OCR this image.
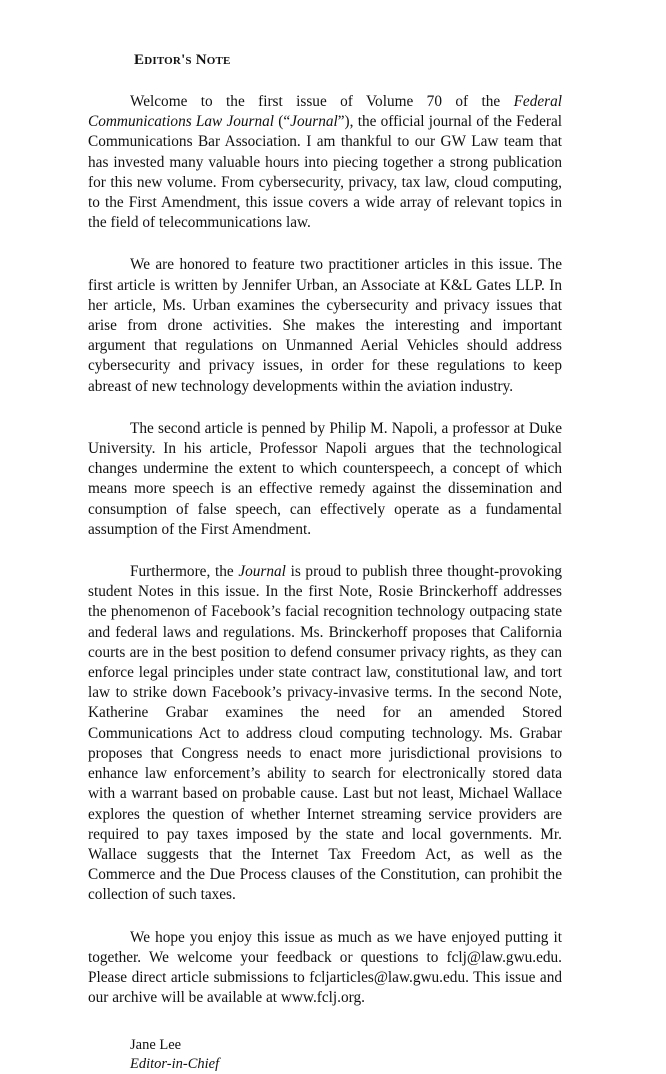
Editor's Note

Welcome to the first issue of Volume 70 of the Federal Communications Law Journal (“Journal”), the official journal of the Federal Communications Bar Association. I am thankful to our GW Law team that has invested many valuable hours into piecing together a strong publication for this new volume. From cybersecurity, privacy, tax law, cloud computing, to the First Amendment, this issue covers a wide array of relevant topics in the field of telecommunications law.

We are honored to feature two practitioner articles in this issue. The first article is written by Jennifer Urban, an Associate at K&L Gates LLP. In her article, Ms. Urban examines the cybersecurity and privacy issues that arise from drone activities. She makes the interesting and important argument that regulations on Unmanned Aerial Vehicles should address cybersecurity and privacy issues, in order for these regulations to keep abreast of new technology developments within the aviation industry.

The second article is penned by Philip M. Napoli, a professor at Duke University. In his article, Professor Napoli argues that the technological changes undermine the extent to which counterspeech, a concept of which means more speech is an effective remedy against the dissemination and consumption of false speech, can effectively operate as a fundamental assumption of the First Amendment.

Furthermore, the Journal is proud to publish three thought-provoking student Notes in this issue. In the first Note, Rosie Brinckerhoff addresses the phenomenon of Facebook’s facial recognition technology outpacing state and federal laws and regulations. Ms. Brinckerhoff proposes that California courts are in the best position to defend consumer privacy rights, as they can enforce legal principles under state contract law, constitutional law, and tort law to strike down Facebook’s privacy-invasive terms. In the second Note, Katherine Grabar examines the need for an amended Stored Communications Act to address cloud computing technology. Ms. Grabar proposes that Congress needs to enact more jurisdictional provisions to enhance law enforcement’s ability to search for electronically stored data with a warrant based on probable cause. Last but not least, Michael Wallace explores the question of whether Internet streaming service providers are required to pay taxes imposed by the state and local governments. Mr. Wallace suggests that the Internet Tax Freedom Act, as well as the Commerce and the Due Process clauses of the Constitution, can prohibit the collection of such taxes.

We hope you enjoy this issue as much as we have enjoyed putting it together. We welcome your feedback or questions to fclj@law.gwu.edu. Please direct article submissions to fcljarticles@law.gwu.edu. This issue and our archive will be available at www.fclj.org.

Jane Lee
Editor-in-Chief
